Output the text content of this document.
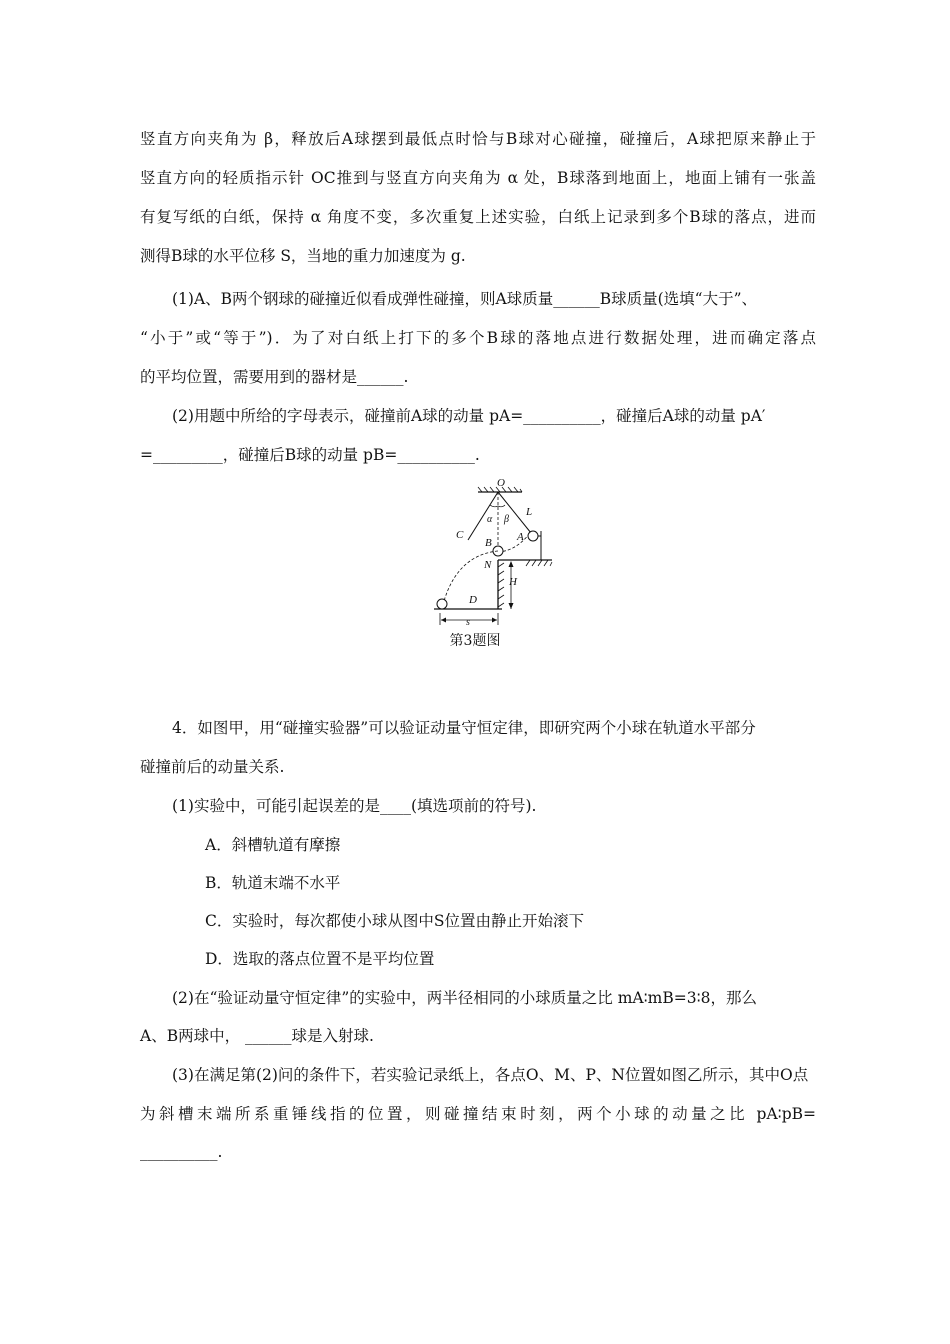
竖直方向夹角为 β，释放后A球摆到最低点时恰与B球对心碰撞，碰撞后，A球把原来静止于
竖直方向的轻质指示针 OC推到与竖直方向夹角为 α 处，B球落到地面上，地面上铺有一张盖
有复写纸的白纸，保持 α 角度不变，多次重复上述实验，白纸上记录到多个B球的落点，进而
测得B球的水平位移 S，当地的重力加速度为 g.
(1)A、B两个钢球的碰撞近似看成弹性碰撞，则A球质量______B球质量(选填“大于”、
“小于”或“等于”)．为了对白纸上打下的多个B球的落地点进行数据处理，进而确定落点
的平均位置，需要用到的器材是______.
(2)用题中所给的字母表示，碰撞前A球的动量 pA=__________，碰撞后A球的动量 pA′
=_________，碰撞后B球的动量 pB=__________.
O
C
L
α β
A
B
N
H
D
s
第3题图
4．如图甲，用“碰撞实验器”可以验证动量守恒定律，即研究两个小球在轨道水平部分
碰撞前后的动量关系.
(1)实验中，可能引起误差的是____(填选项前的符号).
A．斜槽轨道有摩擦
B．轨道末端不水平
C．实验时，每次都使小球从图中S位置由静止开始滚下
D．选取的落点位置不是平均位置
(2)在“验证动量守恒定律”的实验中，两半径相同的小球质量之比 mA∶mB=3∶8，那么
A、B两球中， ______球是入射球.
(3)在满足第(2)问的条件下，若实验记录纸上，各点O、M、P、N位置如图乙所示，其中O点
为斜槽末端所系重锤线指的位置，则碰撞结束时刻，两个小球的动量之比 pA∶pB=
__________.
